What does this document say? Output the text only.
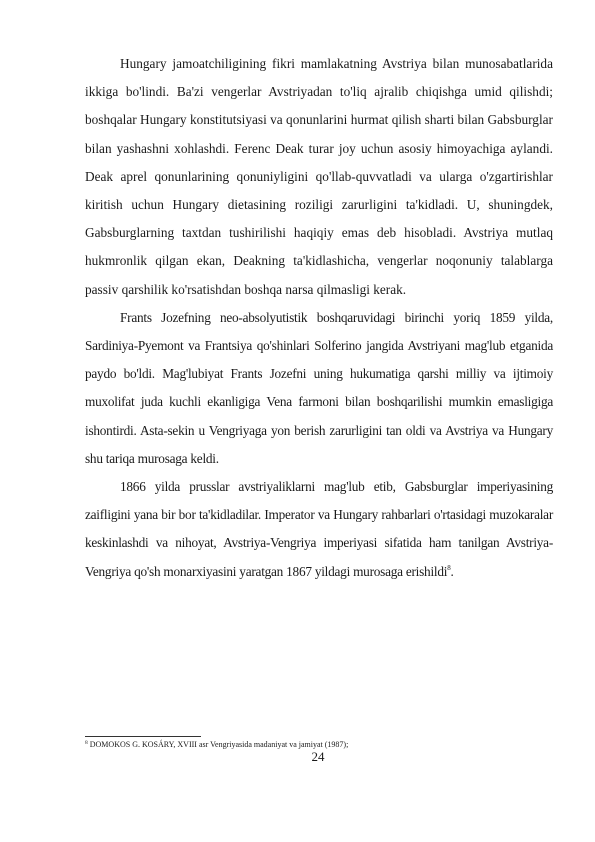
Hungary jamoatchiligining fikri mamlakatning Avstriya bilan munosabatlarida ikkiga bo'lindi. Ba'zi vengerlar Avstriyadan to'liq ajralib chiqishga umid qilishdi; boshqalar Hungary konstitutsiyasi va qonunlarini hurmat qilish sharti bilan Gabsburglar bilan yashashni xohlashdi. Ferenc Deak turar joy uchun asosiy himoyachiga aylandi. Deak aprel qonunlarining qonuniyligini qo'llab-quvvatladi va ularga o'zgartirishlar kiritish uchun Hungary dietasining roziligi zarurligini ta'kidladi. U, shuningdek, Gabsburglarning taxtdan tushirilishi haqiqiy emas deb hisobladi. Avstriya mutlaq hukmronlik qilgan ekan, Deakning ta'kidlashicha, vengerlar noqonuniy talablarga passiv qarshilik ko'rsatishdan boshqa narsa qilmasligi kerak.

Frants Jozefning neo-absolyutistik boshqaruvidagi birinchi yoriq 1859 yilda, Sardiniya-Pyemont va Frantsiya qo'shinlari Solferino jangida Avstriyani mag'lub etganida paydo bo'ldi. Mag'lubiyat Frants Jozefni uning hukumatiga qarshi milliy va ijtimoiy muxolifat juda kuchli ekanligiga Vena farmoni bilan boshqarilishi mumkin emasligiga ishontirdi. Asta-sekin u Vengriyaga yon berish zarurligini tan oldi va Avstriya va Hungary shu tariqa murosaga keldi.

1866 yilda prusslar avstriyaliklarni mag'lub etib, Gabsburglar imperiyasining zaifligini yana bir bor ta'kidladilar. Imperator va Hungary rahbarlari o'rtasidagi muzokaralar keskinlashdi va nihoyat, Avstriya-Vengriya imperiyasi sifatida ham tanilgan Avstriya-Vengriya qo'sh monarxiyasini yaratgan 1867 yildagi murosaga erishildi$^8$.

$^8$ DOMOKOS G. KOSÁRY, XVIII asr Vengriyasida madaniyat va jamiyat (1987);
24
